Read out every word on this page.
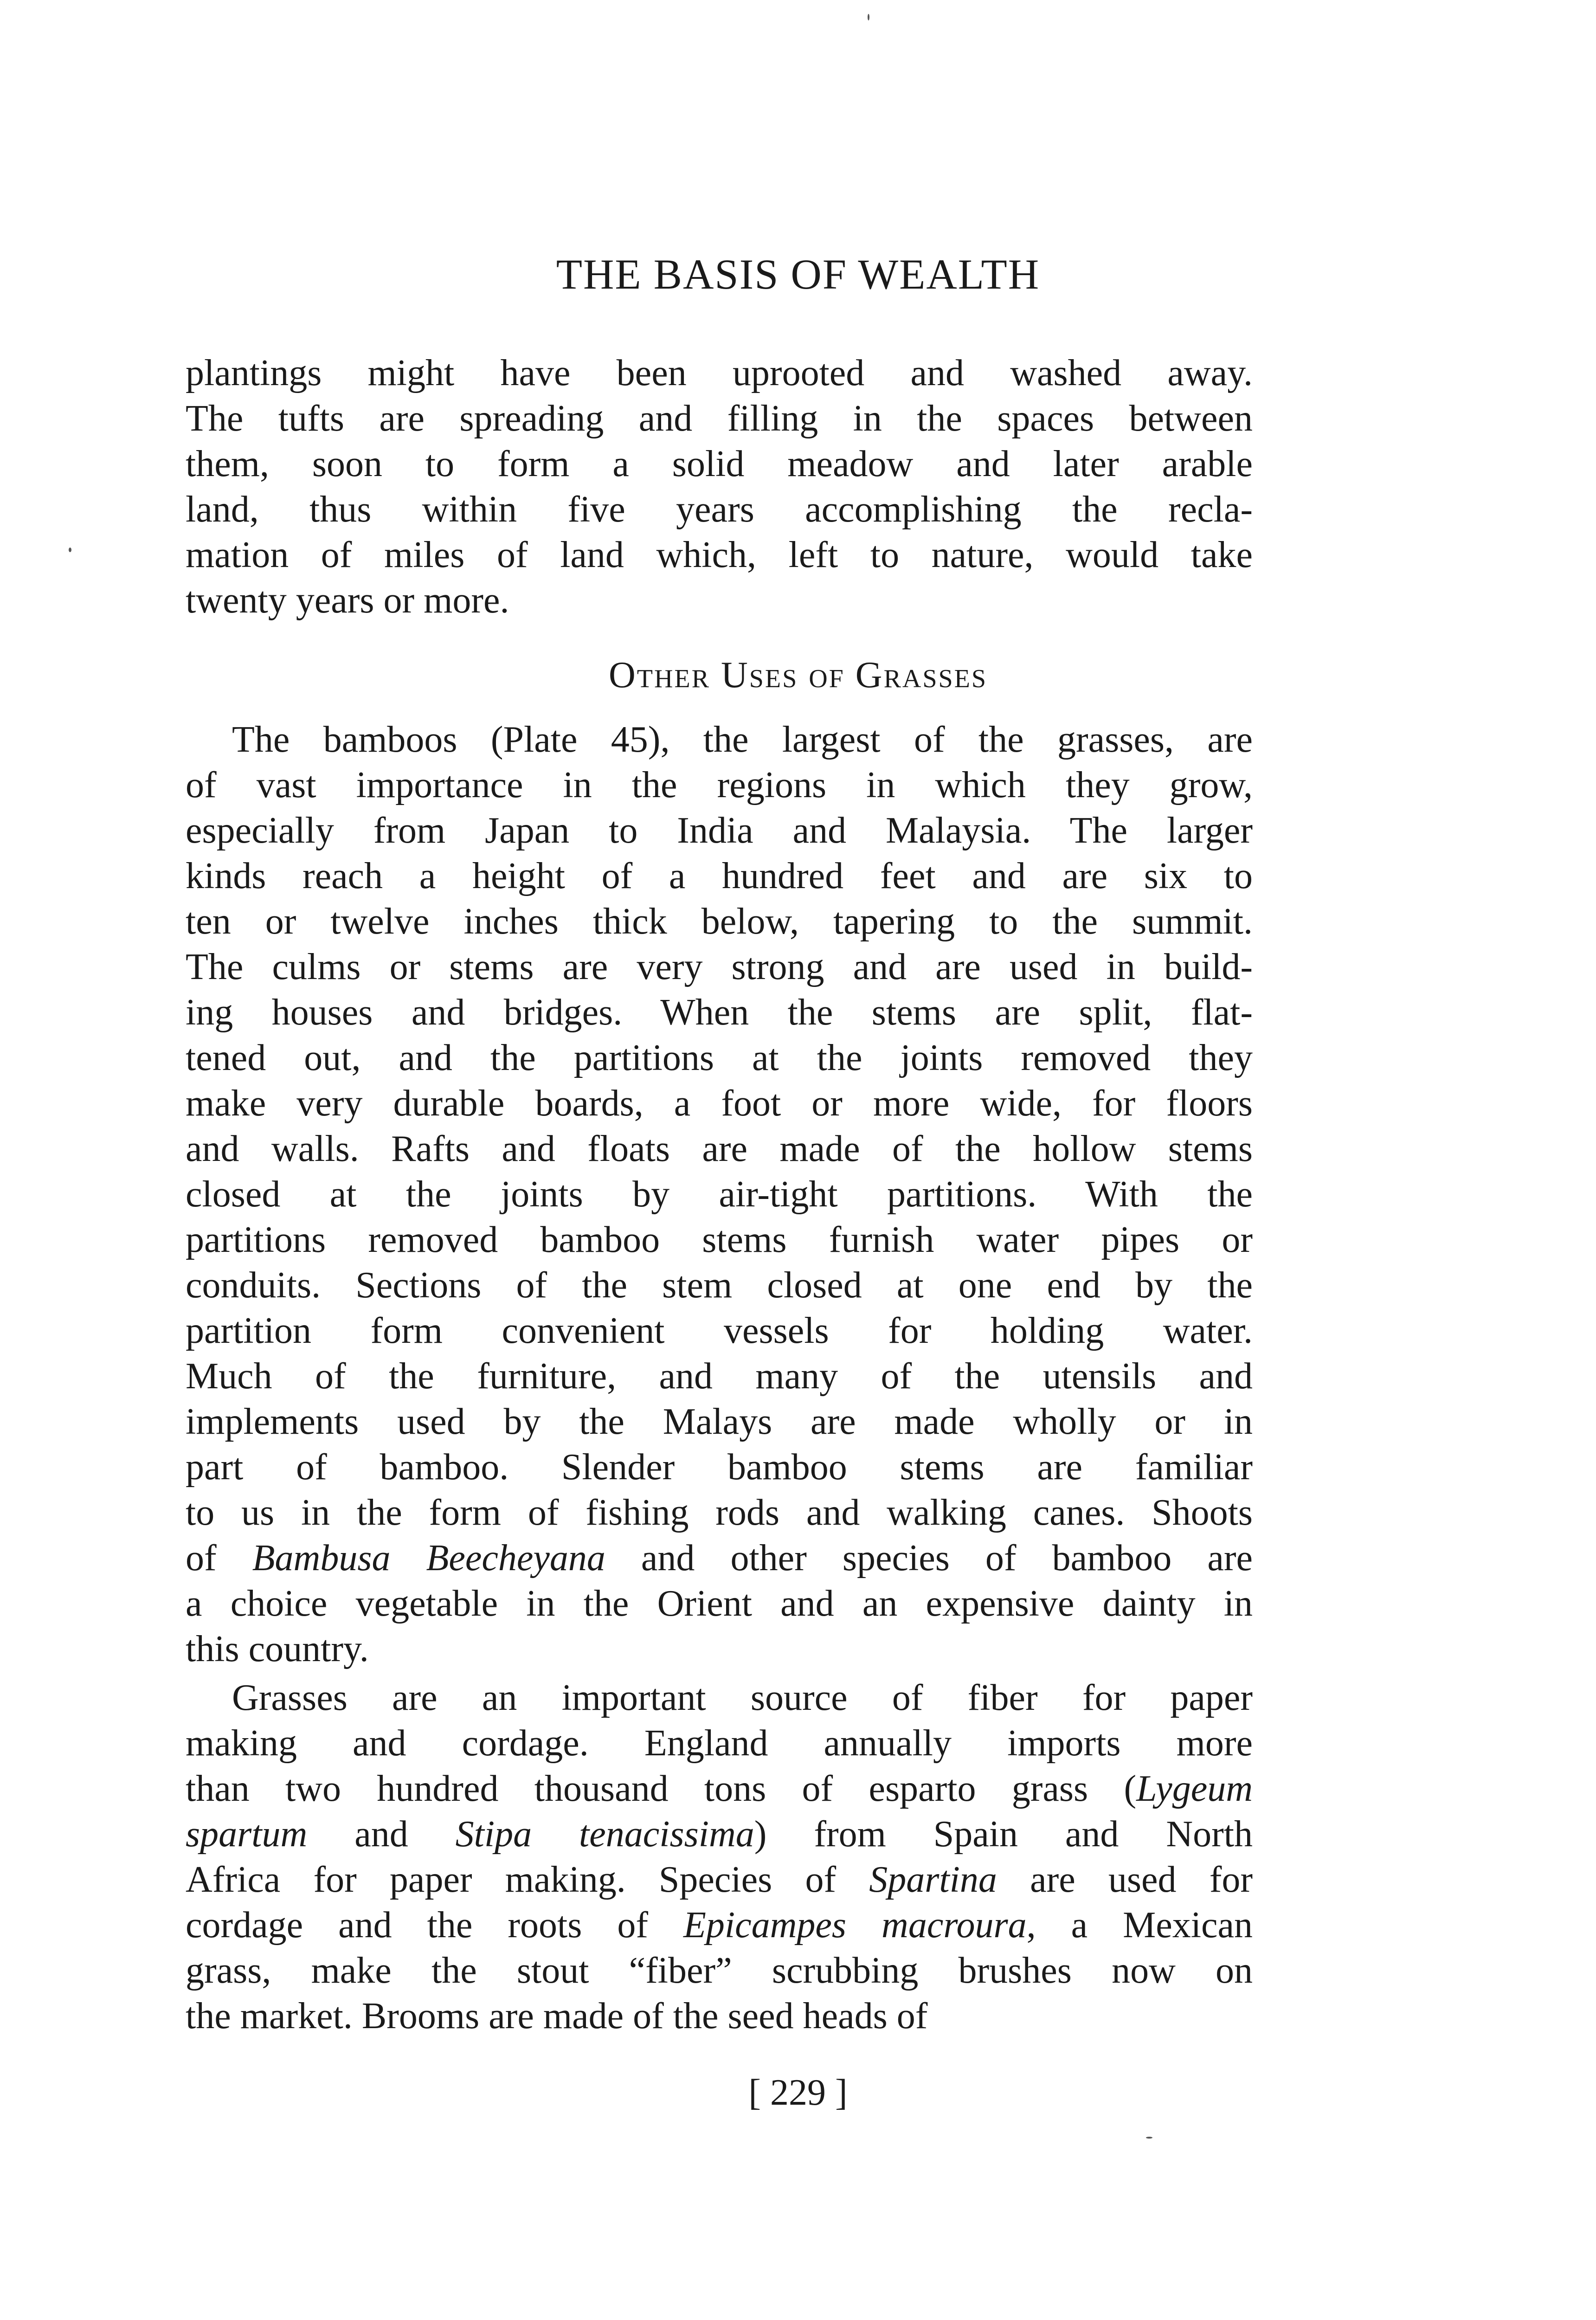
THE BASIS OF WEALTH
plantings might have been uprooted and washed away.
The tufts are spreading and filling in the spaces between
them, soon to form a solid meadow and later arable
land, thus within five years accomplishing the recla-
mation of miles of land which, left to nature, would take
twenty years or more.
Other Uses of Grasses
The bamboos (Plate 45), the largest of the grasses, are
of vast importance in the regions in which they grow,
especially from Japan to India and Malaysia. The larger
kinds reach a height of a hundred feet and are six to
ten or twelve inches thick below, tapering to the summit.
The culms or stems are very strong and are used in build-
ing houses and bridges. When the stems are split, flat-
tened out, and the partitions at the joints removed they
make very durable boards, a foot or more wide, for floors
and walls. Rafts and floats are made of the hollow stems
closed at the joints by air-tight partitions. With the
partitions removed bamboo stems furnish water pipes or
conduits. Sections of the stem closed at one end by the
partition form convenient vessels for holding water.
Much of the furniture, and many of the utensils and
implements used by the Malays are made wholly or in
part of bamboo. Slender bamboo stems are familiar
to us in the form of fishing rods and walking canes. Shoots
of Bambusa Beecheyana and other species of bamboo are
a choice vegetable in the Orient and an expensive dainty in
this country.
Grasses are an important source of fiber for paper
making and cordage. England annually imports more
than two hundred thousand tons of esparto grass (Lygeum
spartum and Stipa tenacissima) from Spain and North
Africa for paper making. Species of Spartina are used for
cordage and the roots of Epicampes macroura, a Mexican
grass, make the stout “fiber” scrubbing brushes now on
the market. Brooms are made of the seed heads of
[ 229 ]
